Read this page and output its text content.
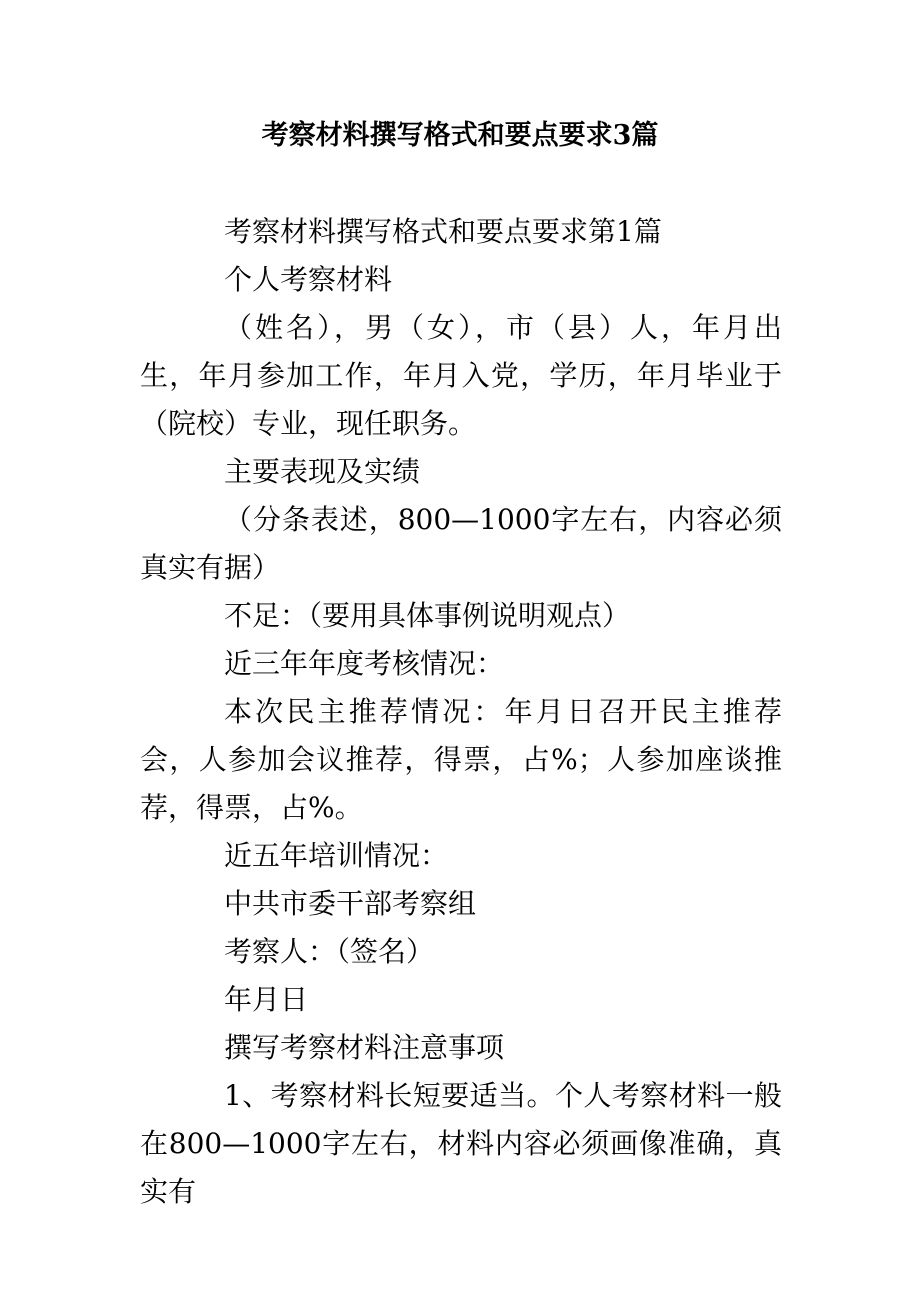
考察材料撰写格式和要点要求3篇

考察材料撰写格式和要点要求第1篇

个人考察材料

（姓名），男（女），市（县）人，年月出生，年月参加工作，年月入党，学历，年月毕业于（院校）专业，现任职务。

主要表现及实绩

（分条表述，800—1000字左右，内容必须真实有据）

不足：（要用具体事例说明观点）

近三年年度考核情况：

本次民主推荐情况：年月日召开民主推荐会，人参加会议推荐，得票，占%；人参加座谈推荐，得票，占%。

近五年培训情况：

中共市委干部考察组

考察人：（签名）

年月日

撰写考察材料注意事项

1、考察材料长短要适当。个人考察材料一般在800—1000字左右，材料内容必须画像准确，真实有
